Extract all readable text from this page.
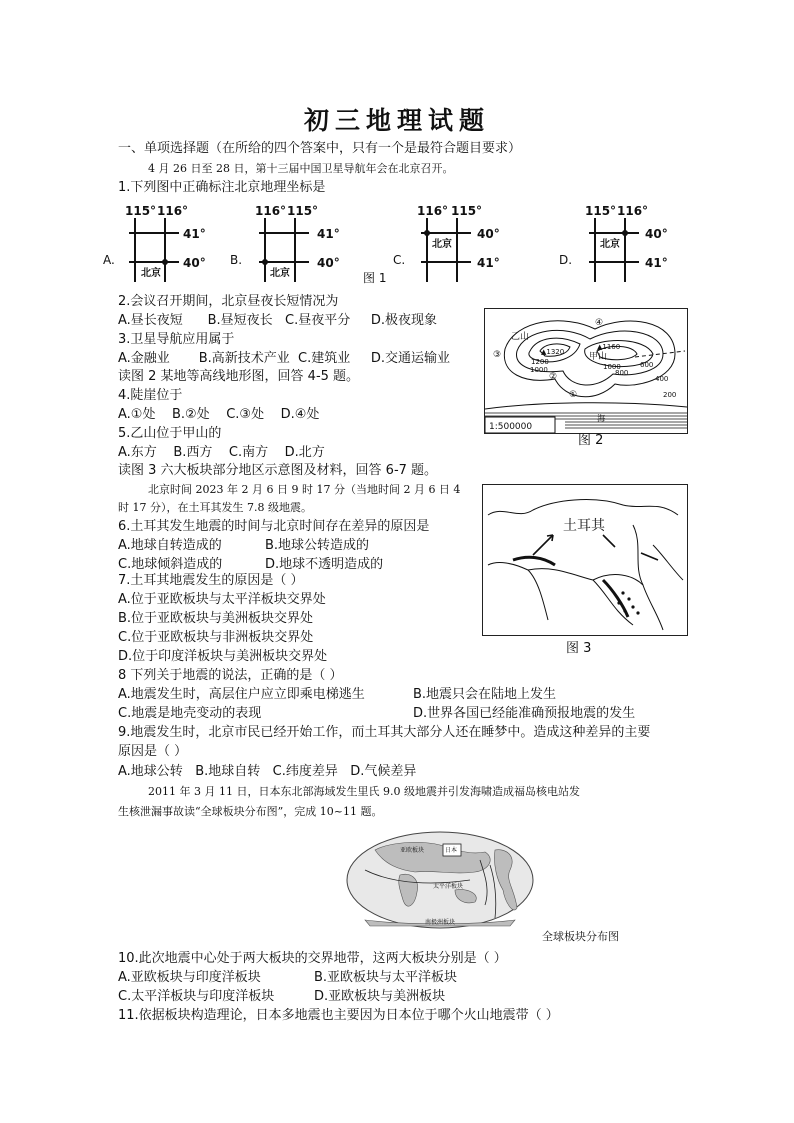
初三地理试题
一、单项选择题（在所给的四个答案中，只有一个是最符合题目要求）
4 月 26 日至 28 日，第十三届中国卫星导航年会在北京召开。
1.下列图中正确标注北京地理坐标是
A.
115° 116°
41°
40°
北京
B.
116° 115°
41°
40°
北京
C.
116° 115°
40°
41°
北京
D.
115° 116°
40°
41°
北京
图 1
2.会议召开期间，北京昼夜长短情况为
A.昼长夜短      B.昼短夜长   C.昼夜平分     D.极夜现象
3.卫星导航应用属于
A.金融业       B.高新技术产业  C.建筑业     D.交通运输业
读图 2 某地等高线地形图，回答 4-5 题。
4.陡崖位于
A.①处    B.②处    C.③处    D.④处
5.乙山位于甲山的
A.东方    B.西方    C.南方    D.北方
1:500000
乙山
甲山
▲1320
▲1160
1200
1000	1000
800
600
400
200
海
①
②
③
④
图 2
读图 3 六大板块部分地区示意图及材料，回答 6-7 题。
北京时间 2023 年 2 月 6 日 9 时 17 分（当地时间 2 月 6 日 4
时 17 分），在土耳其发生 7.8 级地震。
6.土耳其发生地震的时间与北京时间存在差异的原因是
A.地球自转造成的	B.地球公转造成的
C.地球倾斜造成的	D.地球不透明造成的
土耳其
图 3
7.土耳其地震发生的原因是（ ）
A.位于亚欧板块与太平洋板块交界处
B.位于亚欧板块与美洲板块交界处
C.位于亚欧板块与非洲板块交界处
D.位于印度洋板块与美洲板块交界处
8 下列关于地震的说法，正确的是（ ）
A.地震发生时，高层住户应立即乘电梯逃生	B.地震只会在陆地上发生
C.地震是地壳变动的表现	D.世界各国已经能准确预报地震的发生
9.地震发生时，北京市民已经开始工作，而土耳其大部分人还在睡梦中。造成这种差异的主要
原因是（ ）
A.地球公转   B.地球自转   C.纬度差异   D.气候差异
2011 年 3 月 11 日，日本东北部海域发生里氏 9.0 级地震并引发海啸造成福岛核电站发
生核泄漏事故读“全球板块分布图”，完成 10~11 题。
亚欧板块	日本
太平洋板块
南极洲板块
全球板块分布图
10.此次地震中心处于两大板块的交界地带，这两大板块分别是（ ）
A.亚欧板块与印度洋板块	B.亚欧板块与太平洋板块
C.太平洋板块与印度洋板块	D.亚欧板块与美洲板块
11.依据板块构造理论，日本多地震也主要因为日本位于哪个火山地震带（ ）
